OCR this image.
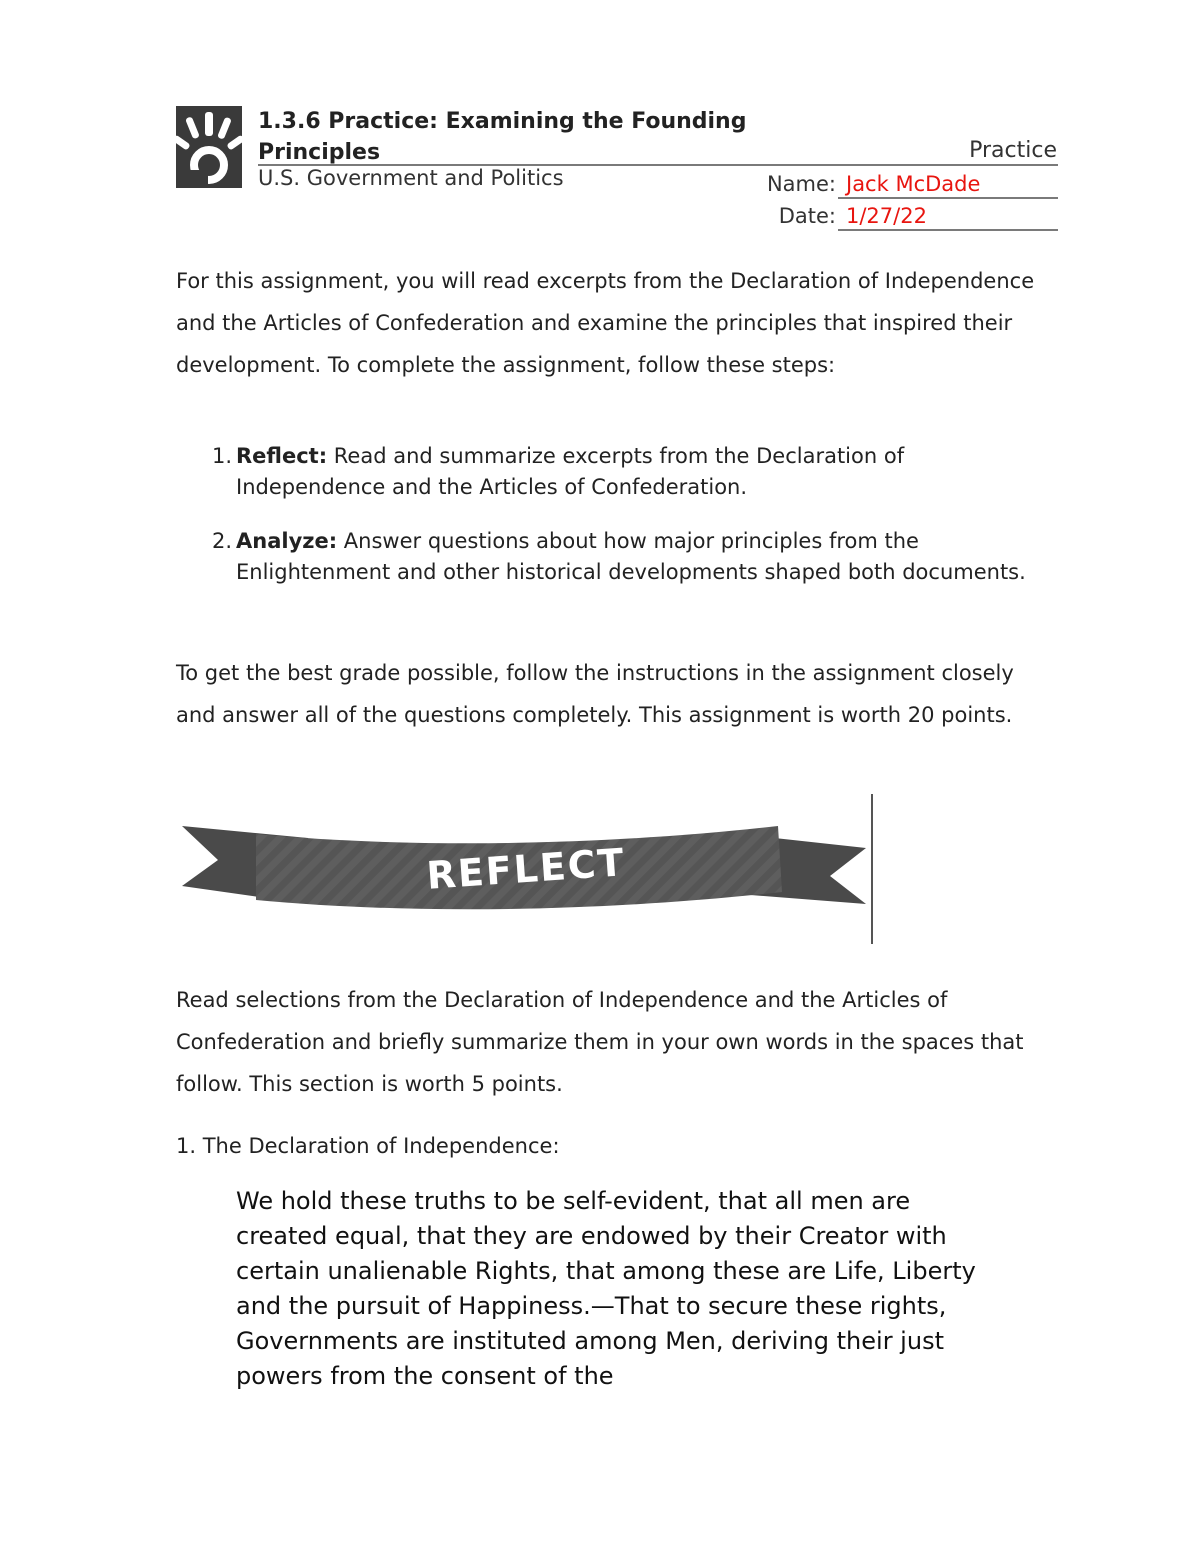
1.3.6 Practice: Examining the Founding Principles	Practice
U.S. Government and Politics	Name: Jack McDade
Date: 1/27/22

For this assignment, you will read excerpts from the Declaration of Independence and the Articles of Confederation and examine the principles that inspired their development. To complete the assignment, follow these steps:

1. Reflect: Read and summarize excerpts from the Declaration of Independence and the Articles of Confederation.
2. Analyze: Answer questions about how major principles from the Enlightenment and other historical developments shaped both documents.

To get the best grade possible, follow the instructions in the assignment closely and answer all of the questions completely. This assignment is worth 20 points.

REFLECT

Read selections from the Declaration of Independence and the Articles of Confederation and briefly summarize them in your own words in the spaces that follow. This section is worth 5 points.

1. The Declaration of Independence:

We hold these truths to be self-evident, that all men are created equal, that they are endowed by their Creator with certain unalienable Rights, that among these are Life, Liberty and the pursuit of Happiness.—That to secure these rights, Governments are instituted among Men, deriving their just powers from the consent of the
